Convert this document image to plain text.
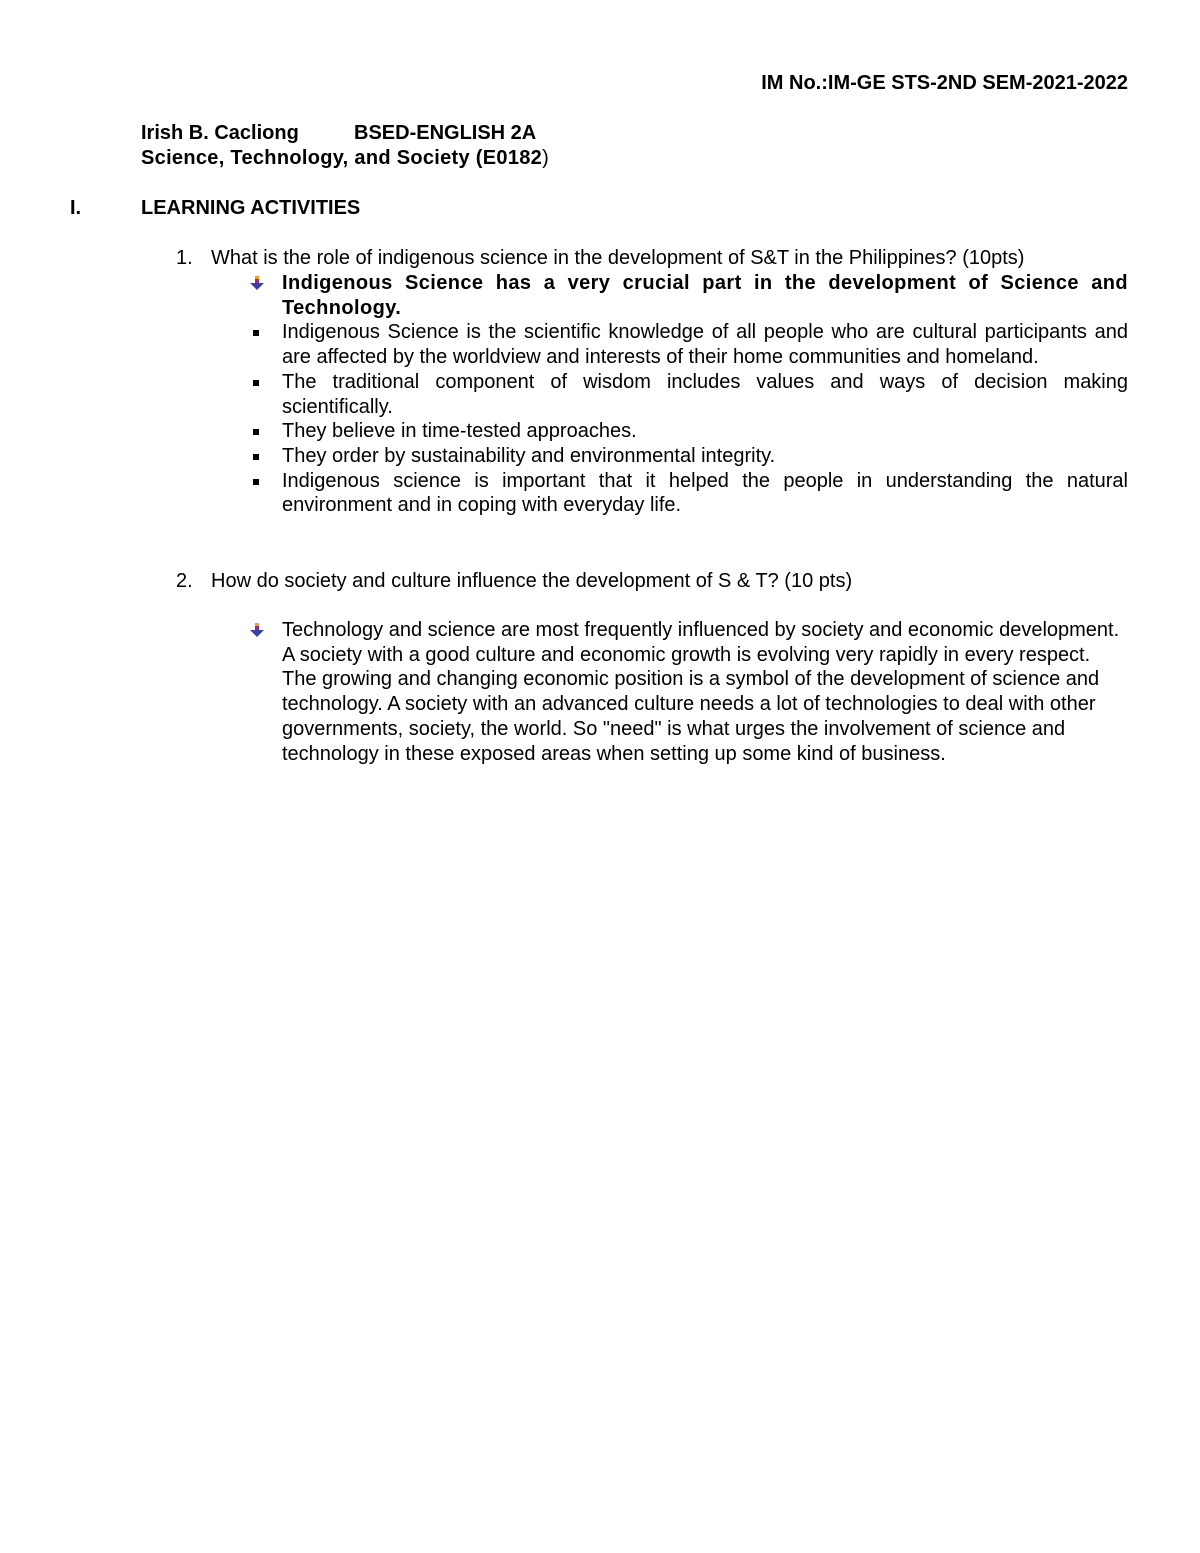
IM No.:IM-GE STS-2ND SEM-2021-2022
Irish B. Cacliong	BSED-ENGLISH 2A
Science, Technology, and Society (E0182)
I.	LEARNING ACTIVITIES
1. What is the role of indigenous science in the development of S&T in the Philippines? (10pts)
Indigenous Science has a very crucial part in the development of Science and Technology.
Indigenous Science is the scientific knowledge of all people who are cultural participants and are affected by the worldview and interests of their home communities and homeland.
The traditional component of wisdom includes values and ways of decision making scientifically.
They believe in time-tested approaches.
They order by sustainability and environmental integrity.
Indigenous science is important that it helped the people in understanding the natural environment and in coping with everyday life.
2. How do society and culture influence the development of S & T? (10 pts)
Technology and science are most frequently influenced by society and economic development. A society with a good culture and economic growth is evolving very rapidly in every respect. The growing and changing economic position is a symbol of the development of science and technology. A society with an advanced culture needs a lot of technologies to deal with other governments, society, the world. So "need" is what urges the involvement of science and technology in these exposed areas when setting up some kind of business.
